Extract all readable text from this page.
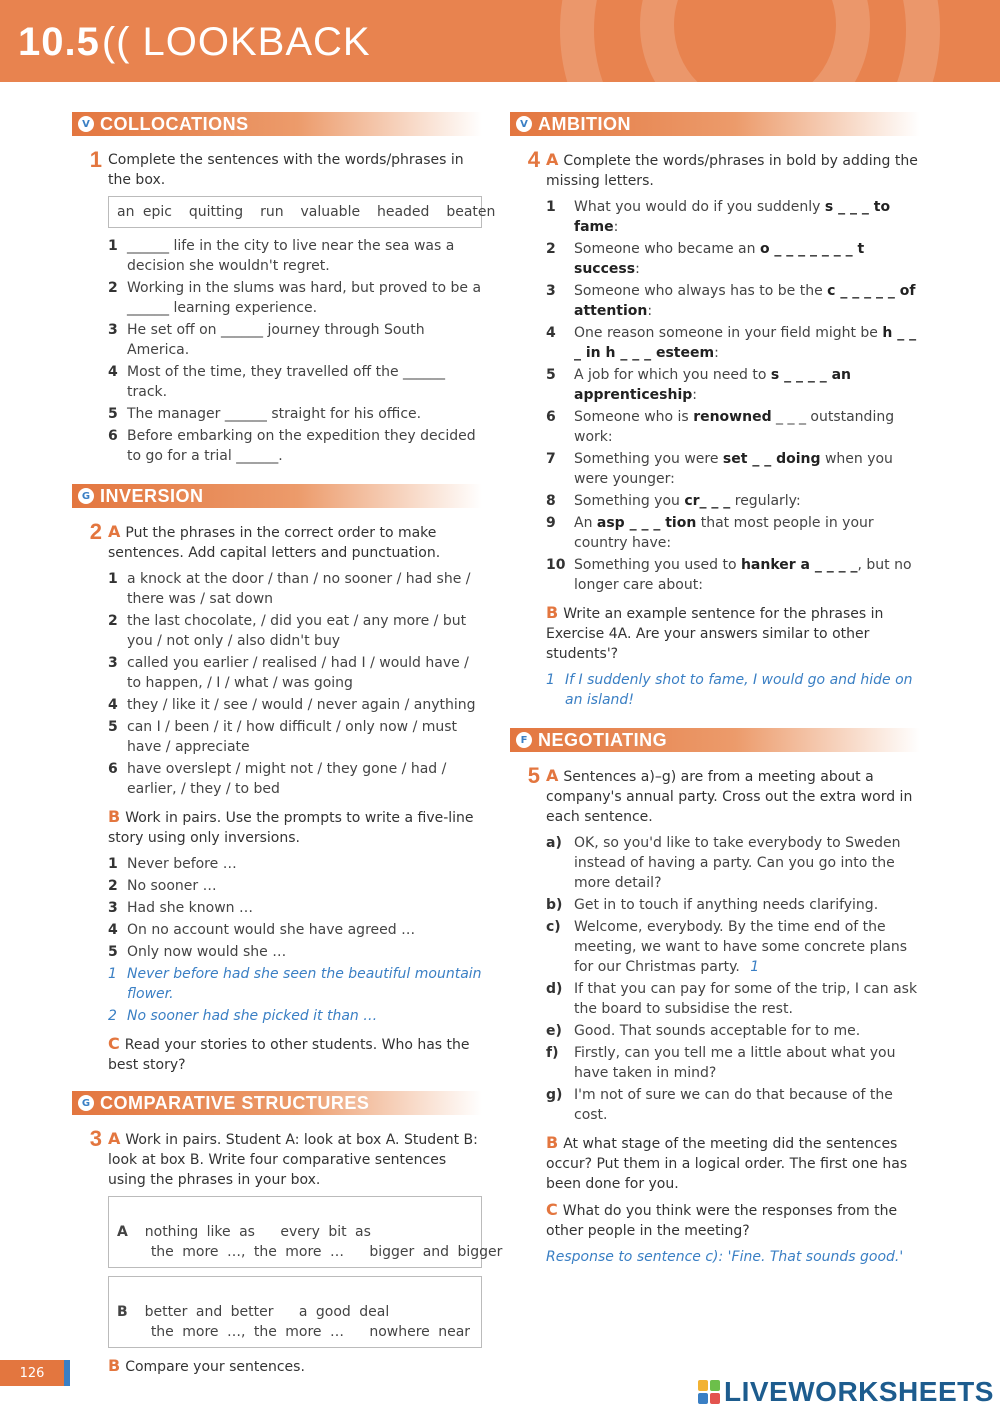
10.5(( LOOKBACK
V COLLOCATIONS
1 Complete the sentences with the words/phrases in the box.
an epic  quitting  run  valuable  headed  beaten
1 ______ life in the city to live near the sea was a decision she wouldn't regret.
2 Working in the slums was hard, but proved to be a ______ learning experience.
3 He set off on ______ journey through South America.
4 Most of the time, they travelled off the ______ track.
5 The manager ______ straight for his office.
6 Before embarking on the expedition they decided to go for a trial ______.
G INVERSION
2 A Put the phrases in the correct order to make sentences. Add capital letters and punctuation.
1 a knock at the door / than / no sooner / had she / there was / sat down
2 the last chocolate, / did you eat / any more / but you / not only / also didn't buy
3 called you earlier / realised / had I / would have / to happen, / I / what / was going
4 they / like it / see / would / never again / anything
5 can I / been / it / how difficult / only now / must have / appreciate
6 have overslept / might not / they gone / had / earlier, / they / to bed
B Work in pairs. Use the prompts to write a five-line story using only inversions.
1 Never before …
2 No sooner …
3 Had she known …
4 On no account would she have agreed …
5 Only now would she …
1 Never before had she seen the beautiful mountain flower.
2 No sooner had she picked it than …
C Read your stories to other students. Who has the best story?
G COMPARATIVE STRUCTURES
3 A Work in pairs. Student A: look at box A. Student B: look at box B. Write four comparative sentences using the phrases in your box.

A nothing like as   every bit as
the more …, the more …   bigger and bigger

B better and better   a good deal
the more …, the more …   nowhere near
B Compare your sentences.
V AMBITION
4 A Complete the words/phrases in bold by adding the missing letters.
1	What you would do if you suddenly s _ _ _ to fame:
2	Someone who became an o _ _ _ _ _ _ _ t success:
3	Someone who always has to be the c _ _ _ _ _ of attention:
4	One reason someone in your field might be h _ _ _ in h _ _ _ esteem:
5	A job for which you need to s _ _ _ _ an apprenticeship:
6	Someone who is renowned _ _ _ outstanding work:
7	Something you were set _ _ doing when you were younger:
8	Something you cr_ _ _ regularly:
9	An asp _ _ _ tion that most people in your country have:
10 Something you used to hanker a _ _ _ _, but no longer care about:
B Write an example sentence for the phrases in Exercise 4A. Are your answers similar to other students'?
1 If I suddenly shot to fame, I would go and hide on an island!
F NEGOTIATING
5 A Sentences a)–g) are from a meeting about a company's annual party. Cross out the extra word in each sentence.
a) OK, so you'd like to take everybody to Sweden instead of having a party. Can you go into the more detail?
b) Get in to touch if anything needs clarifying.
c) Welcome, everybody. By the time end of the meeting, we want to have some concrete plans for our Christmas party. 1
d) If that you can pay for some of the trip, I can ask the board to subsidise the rest.
e) Good. That sounds acceptable for to me.
f)	Firstly, can you tell me a little about what you have taken in mind?
g) I'm not of sure we can do that because of the cost.
B At what stage of the meeting did the sentences occur? Put them in a logical order. The first one has been done for you.
C What do you think were the responses from the other people in the meeting?
Response to sentence c): 'Fine. That sounds good.'
126
LIVEWORKSHEETS
